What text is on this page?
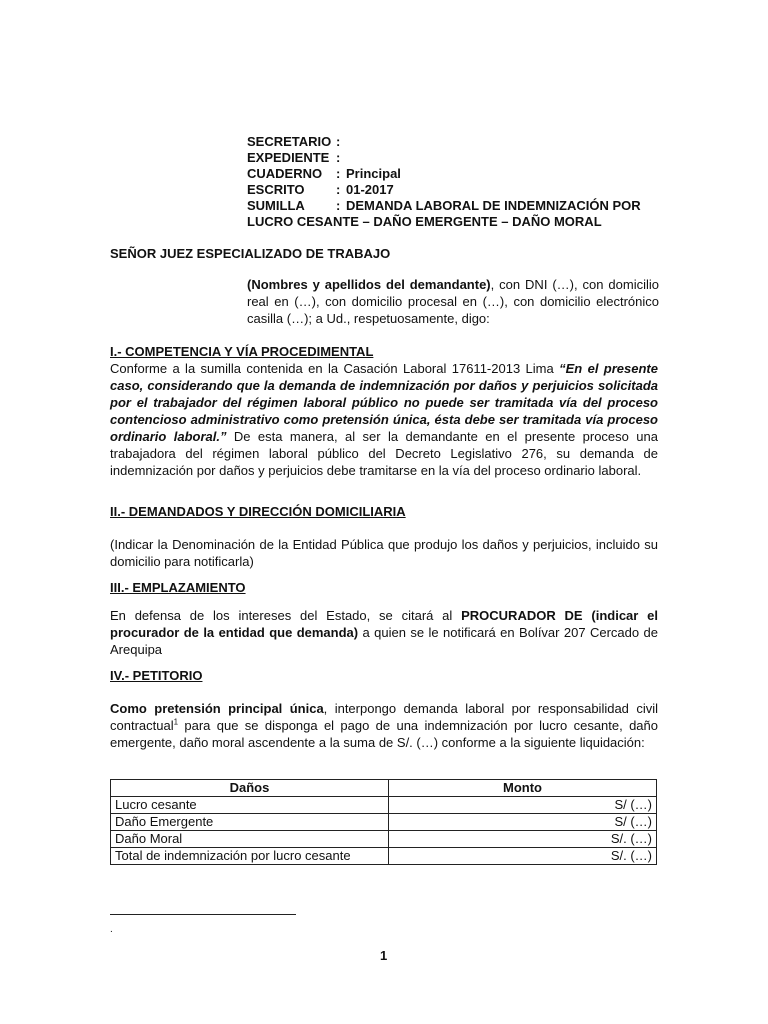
SECRETARIO :
EXPEDIENTE :
CUADERNO	: Principal
ESCRITO	: 01-2017
SUMILLA	: DEMANDA LABORAL DE INDEMNIZACIÓN POR
LUCRO CESANTE – DAÑO EMERGENTE – DAÑO MORAL
SEÑOR JUEZ ESPECIALIZADO DE TRABAJO
(Nombres y apellidos del demandante), con DNI (…), con domicilio real en (…), con domicilio procesal en (…), con domicilio electrónico casilla (…); a Ud., respetuosamente, digo:
I.- COMPETENCIA Y VÍA PROCEDIMENTAL
Conforme a la sumilla contenida en la Casación Laboral 17611-2013 Lima “En el presente caso, considerando que la demanda de indemnización por daños y perjuicios solicitada por el trabajador del régimen laboral público no puede ser tramitada vía del proceso contencioso administrativo como pretensión única, ésta debe ser tramitada vía proceso ordinario laboral.” De esta manera, al ser la demandante en el presente proceso una trabajadora del régimen laboral público del Decreto Legislativo 276, su demanda de indemnización por daños y perjuicios debe tramitarse en la vía del proceso ordinario laboral.
II.- DEMANDADOS Y DIRECCIÓN DOMICILIARIA
(Indicar la Denominación de la Entidad Pública que produjo los daños y perjuicios, incluido su domicilio para notificarla)
III.- EMPLAZAMIENTO
En defensa de los intereses del Estado, se citará al PROCURADOR DE (indicar el procurador de la entidad que demanda) a quien se le notificará en Bolívar 207 Cercado de Arequipa
IV.- PETITORIO
Como pretensión principal única, interpongo demanda laboral por responsabilidad civil contractual$^1$ para que se disponga el pago de una indemnización por lucro cesante, daño emergente, daño moral ascendente a la suma de S/. (…) conforme a la siguiente liquidación:
Daños	Monto
Lucro cesante	S/ (…)
Daño Emergente	S/ (…)
Daño Moral	S/. (…)
Total de indemnización por lucro cesante	S/. (…)
.
1
